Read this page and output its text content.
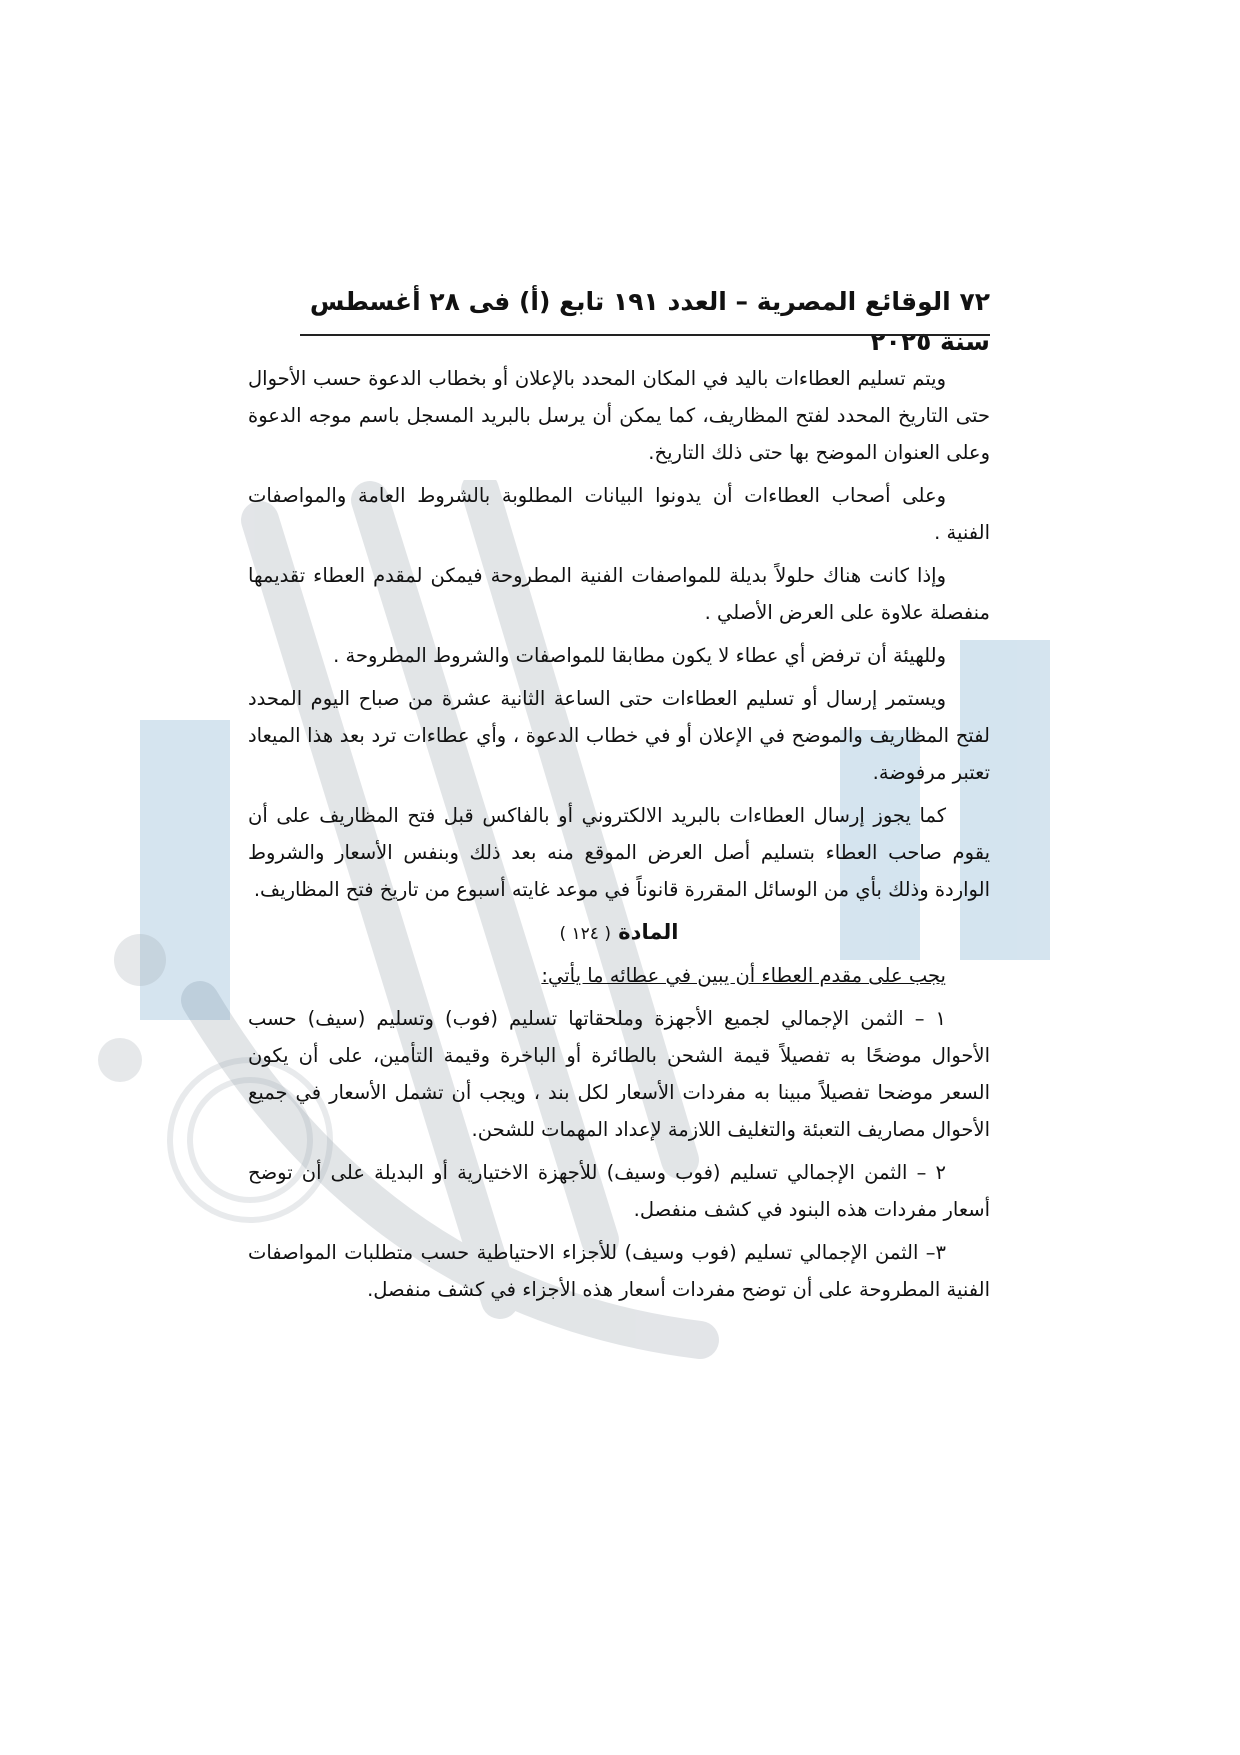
٧٢ الوقائع المصرية – العدد ١٩١ تابع (أ) فى ٢٨ أغسطس سنة ٢٠٢٥

ويتم تسليم العطاءات باليد في المكان المحدد بالإعلان أو بخطاب الدعوة حسب الأحوال حتى التاريخ المحدد لفتح المظاريف، كما يمكن أن يرسل بالبريد المسجل باسم موجه الدعوة وعلى العنوان الموضح بها حتى ذلك التاريخ.

وعلى أصحاب العطاءات أن يدونوا البيانات المطلوبة بالشروط العامة والمواصفات الفنية .

وإذا كانت هناك حلولاً بديلة للمواصفات الفنية المطروحة فيمكن لمقدم العطاء تقديمها منفصلة علاوة على العرض الأصلي .

وللهيئة أن ترفض أي عطاء لا يكون مطابقا للمواصفات والشروط المطروحة .

ويستمر إرسال أو تسليم العطاءات حتى الساعة الثانية عشرة من صباح اليوم المحدد لفتح المظاريف والموضح في الإعلان أو في خطاب الدعوة ، وأي عطاءات ترد بعد هذا الميعاد تعتبر مرفوضة.

كما يجوز إرسال العطاءات بالبريد الالكتروني أو بالفاكس قبل فتح المظاريف على أن يقوم صاحب العطاء بتسليم أصل العرض الموقع منه بعد ذلك وبنفس الأسعار والشروط الواردة وذلك بأي من الوسائل المقررة قانوناً في موعد غايته أسبوع من تاريخ فتح المظاريف.

المادة ( ١٢٤ )

يجب على مقدم العطاء أن يبين في عطائه ما يأتي:

١ – الثمن الإجمالي لجميع الأجهزة وملحقاتها تسليم (فوب) وتسليم (سيف) حسب الأحوال موضحًا به تفصيلاً قيمة الشحن بالطائرة أو الباخرة وقيمة التأمين، على أن يكون السعر موضحا تفصيلاً مبينا به مفردات الأسعار لكل بند ، ويجب أن تشمل الأسعار في جميع الأحوال مصاريف التعبئة والتغليف اللازمة لإعداد المهمات للشحن.

٢ – الثمن الإجمالي تسليم (فوب وسيف) للأجهزة الاختيارية أو البديلة على أن توضح أسعار مفردات هذه البنود في كشف منفصل.

٣– الثمن الإجمالي تسليم (فوب وسيف) للأجزاء الاحتياطية حسب متطلبات المواصفات الفنية المطروحة على أن توضح مفردات أسعار هذه الأجزاء في كشف منفصل.
